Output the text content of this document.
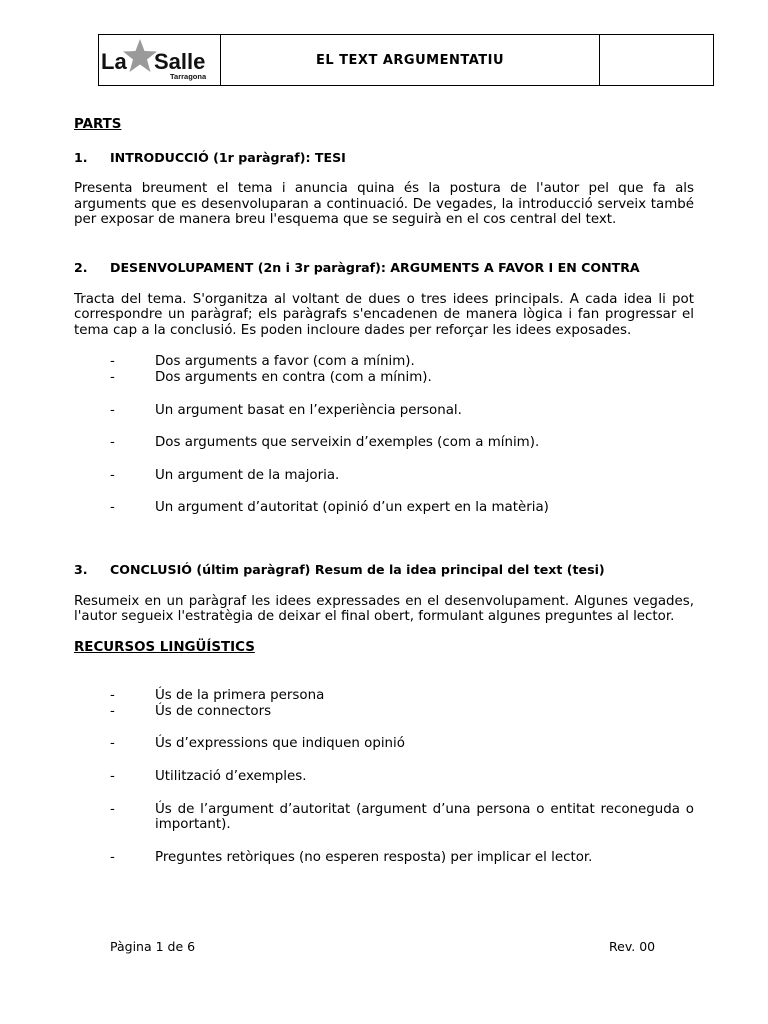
La Salle
Tarragona
EL TEXT ARGUMENTATIU

PARTS

1.	INTRODUCCIÓ (1r paràgraf): TESI

Presenta breument el tema i anuncia quina és la postura de l'autor pel que fa als arguments que es desenvoluparan a continuació. De vegades, la introducció serveix també per exposar de manera breu l'esquema que se seguirà en el cos central del text.

2.	DESENVOLUPAMENT (2n i 3r paràgraf): ARGUMENTS A FAVOR I EN CONTRA

Tracta del tema. S'organitza al voltant de dues o tres idees principals. A cada idea li pot correspondre un paràgraf; els paràgrafs s'encadenen de manera lògica i fan progressar el tema cap a la conclusió. Es poden incloure dades per reforçar les idees exposades.

-	Dos arguments a favor (com a mínim).
-	Dos arguments en contra (com a mínim).
-	Un argument basat en l’experiència personal.
-	Dos arguments que serveixin d’exemples (com a mínim).
-	Un argument de la majoria.
-	Un argument d’autoritat (opinió d’un expert en la matèria)
3.	CONCLUSIÓ (últim paràgraf) Resum de la idea principal del text (tesi)

Resumeix en un paràgraf les idees expressades en el desenvolupament. Algunes vegades, l'autor segueix l'estratègia de deixar el final obert, formulant algunes preguntes al lector.

RECURSOS LINGÜÍSTICS

-	Ús de la primera persona
-	Ús de connectors
-	Ús d’expressions que indiquen opinió
-	Utilització d’exemples.
-	Ús de l’argument d’autoritat (argument d’una persona o entitat reconeguda o important).
-	Preguntes retòriques (no esperen resposta) per implicar el lector.
Pàgina 1 de 6	Rev. 00
